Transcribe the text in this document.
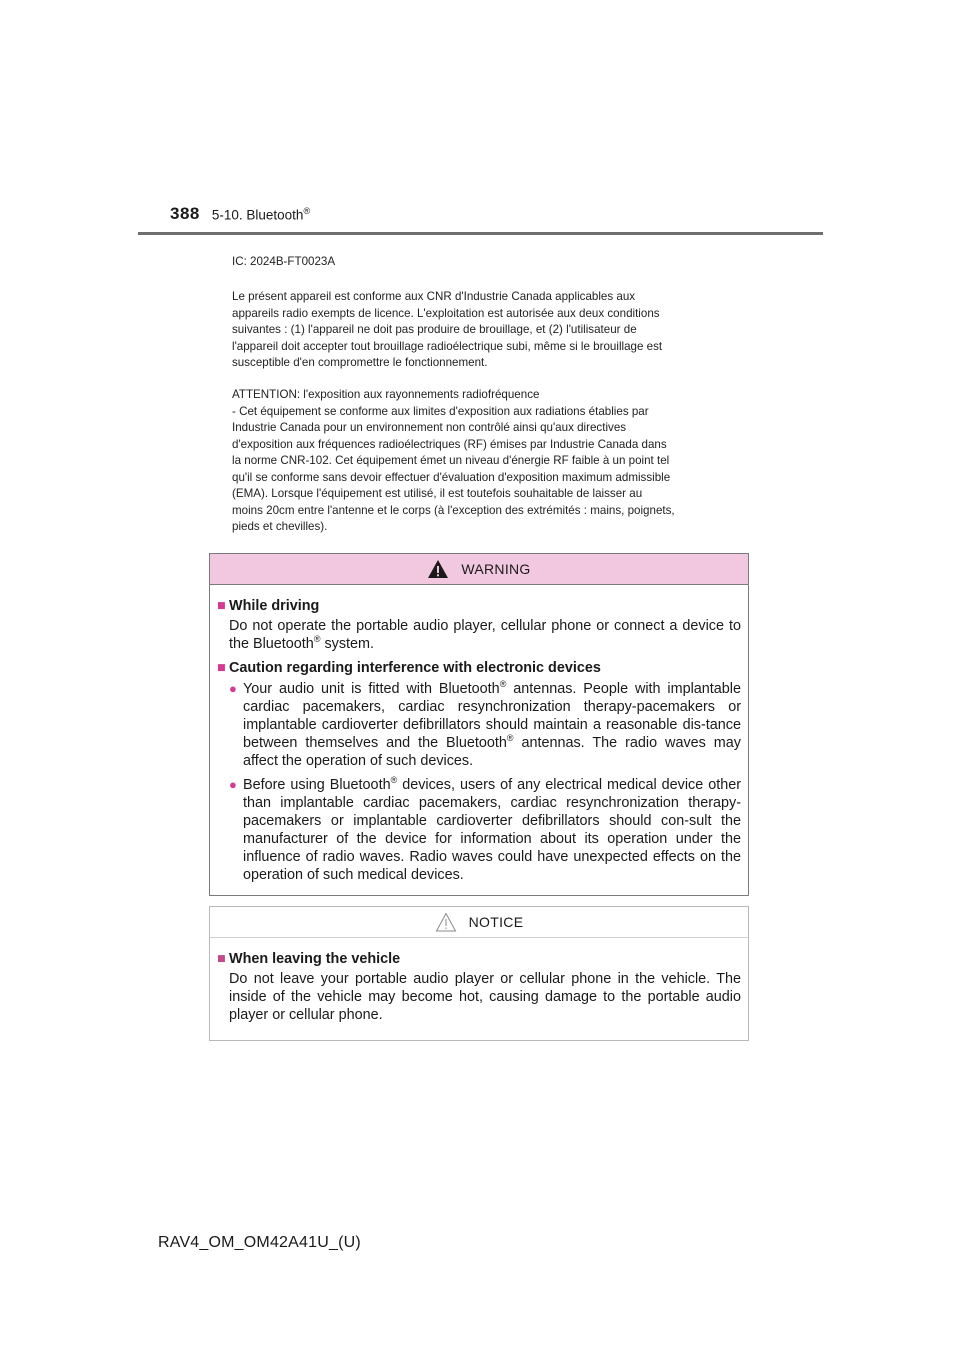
388 5-10. Bluetooth®
IC: 2024B-FT0023A

Le présent appareil est conforme aux CNR d'Industrie Canada applicables aux

appareils radio exempts de licence. L'exploitation est autorisée aux deux conditions

suivantes : (1) l'appareil ne doit pas produire de brouillage, et (2) l'utilisateur de

l'appareil doit accepter tout brouillage radioélectrique subi, même si le brouillage est

susceptible d'en compromettre le fonctionnement.

ATTENTION: l'exposition aux rayonnements radiofréquence

- Cet équipement se conforme aux limites d'exposition aux radiations établies par

Industrie Canada pour un environnement non contrôlé ainsi qu'aux directives

d'exposition aux fréquences radioélectriques (RF) émises par Industrie Canada dans

la norme CNR-102. Cet équipement émet un niveau d'énergie RF faible à un point tel

qu'il se conforme sans devoir effectuer d'évaluation d'exposition maximum admissible

(EMA). Lorsque l'équipement est utilisé, il est toutefois souhaitable de laisser au

moins 20cm entre l'antenne et le corps (à l'exception des extrémités : mains, poignets,

pieds et chevilles).

WARNING
■ While driving
Do not operate the portable audio player, cellular phone or connect a device to the Bluetooth® system.
■ Caution regarding interference with electronic devices
● Your audio unit is fitted with Bluetooth® antennas. People with implantable cardiac pacemakers, cardiac resynchronization therapy-pacemakers or implantable cardioverter defibrillators should maintain a reasonable dis-tance between themselves and the Bluetooth® antennas. The radio waves may affect the operation of such devices.
● Before using Bluetooth® devices, users of any electrical medical device other than implantable cardiac pacemakers, cardiac resynchronization therapy-pacemakers or implantable cardioverter defibrillators should con-sult the manufacturer of the device for information about its operation under the influence of radio waves. Radio waves could have unexpected effects on the operation of such medical devices.
NOTICE
■ When leaving the vehicle
Do not leave your portable audio player or cellular phone in the vehicle. The inside of the vehicle may become hot, causing damage to the portable audio player or cellular phone.
RAV4_OM_OM42A41U_(U)
